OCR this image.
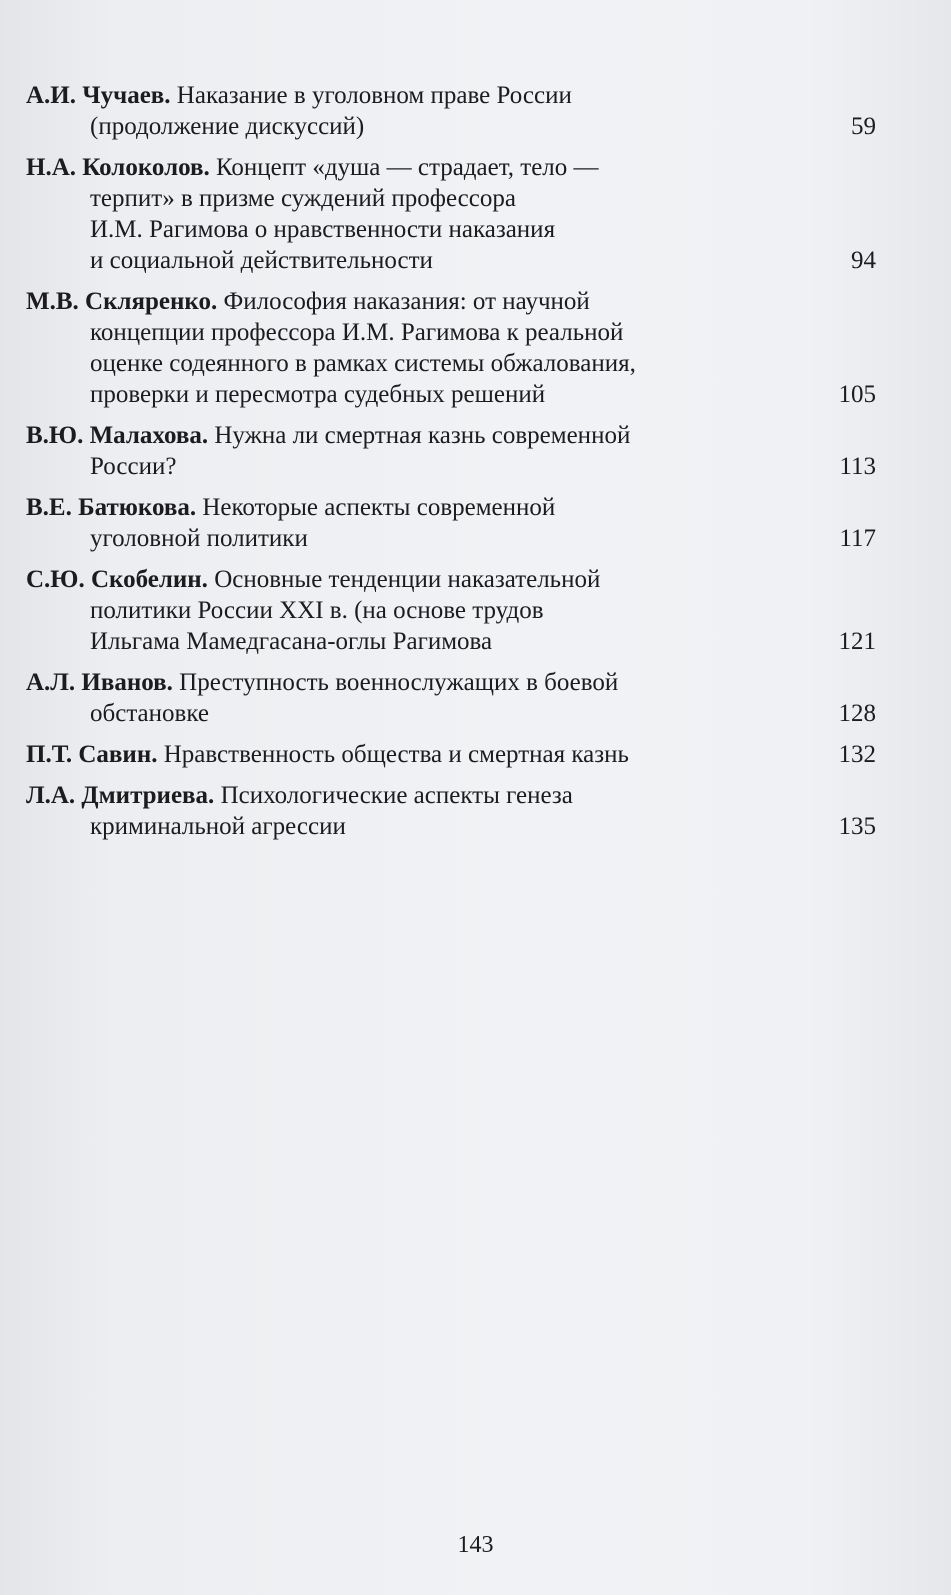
А.И. Чучаев. Наказание в уголовном праве России
(продолжение дискуссий)	59
Н.А. Колоколов. Концепт «душа — страдает, тело —
терпит» в призме суждений профессора
И.М. Рагимова о нравственности наказания
и социальной действительности	94
М.В. Скляренко. Философия наказания: от научной
концепции профессора И.М. Рагимова к реальной
оценке содеянного в рамках системы обжалования,
проверки и пересмотра судебных решений	105
В.Ю. Малахова. Нужна ли смертная казнь современной
России?	113
В.Е. Батюкова. Некоторые аспекты современной
уголовной политики	117
С.Ю. Скобелин. Основные тенденции наказательной
политики России XXI в. (на основе трудов
Ильгама Мамедгасана-оглы Рагимова	121
А.Л. Иванов. Преступность военнослужащих в боевой
обстановке	128
П.Т. Савин. Нравственность общества и смертная казнь	132
Л.А. Дмитриева. Психологические аспекты генеза
криминальной агрессии	135
143
